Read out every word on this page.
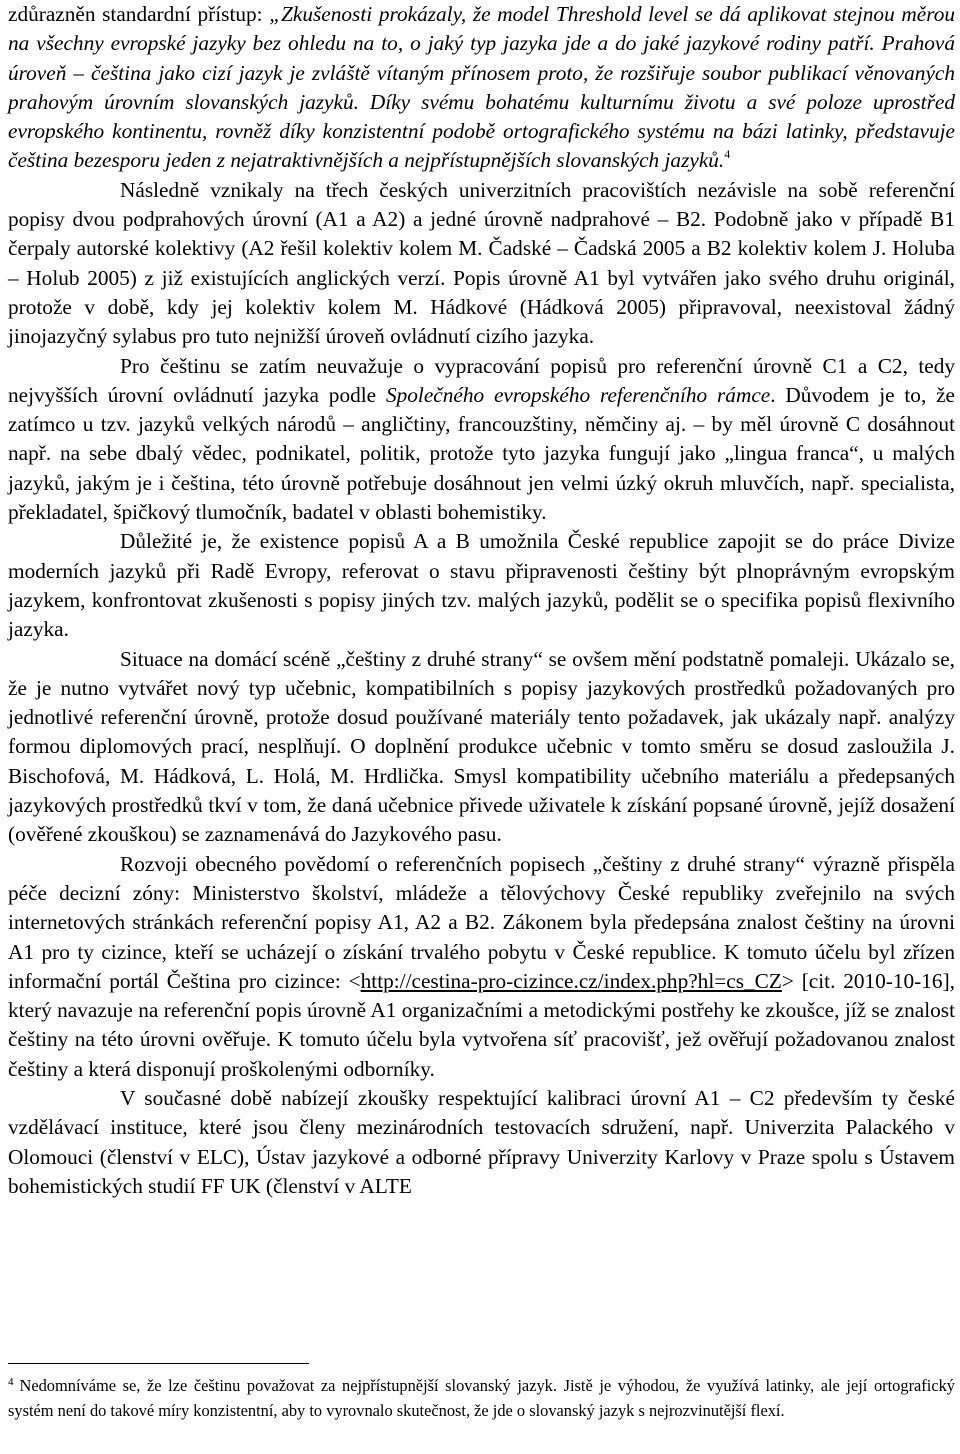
zdůrazněn standardní přístup: „Zkušenosti prokázaly, že model Threshold level se dá aplikovat stejnou měrou na všechny evropské jazyky bez ohledu na to, o jaký typ jazyka jde a do jaké jazykové rodiny patří. Prahová úroveň – čeština jako cizí jazyk je zvláště vítaným přínosem proto, že rozšiřuje soubor publikací věnovaných prahovým úrovním slovanských jazyků. Díky svému bohatému kulturnímu životu a své poloze uprostřed evropského kontinentu, rovněž díky konzistentní podobě ortografického systému na bázi latinky, představuje čeština bezesporu jeden z nejatraktivnějších a nejpřístupnějších slovanských jazyků.$^4$

Následně vznikaly na třech českých univerzitních pracovištích nezávisle na sobě referenční popisy dvou podprahových úrovní (A1 a A2) a jedné úrovně nadprahové – B2. Podobně jako v případě B1 čerpaly autorské kolektivy (A2 řešil kolektiv kolem M. Čadské – Čadská 2005 a B2 kolektiv kolem J. Holuba – Holub 2005) z již existujících anglických verzí. Popis úrovně A1 byl vytvářen jako svého druhu originál, protože v době, kdy jej kolektiv kolem M. Hádkové (Hádková 2005) připravoval, neexistoval žádný jinojazyčný sylabus pro tuto nejnižší úroveň ovládnutí cizího jazyka.

Pro češtinu se zatím neuvažuje o vypracování popisů pro referenční úrovně C1 a C2, tedy nejvyšších úrovní ovládnutí jazyka podle Společného evropského referenčního rámce. Důvodem je to, že zatímco u tzv. jazyků velkých národů – angličtiny, francouzštiny, němčiny aj. – by měl úrovně C dosáhnout např. na sebe dbalý vědec, podnikatel, politik, protože tyto jazyka fungují jako „lingua franca“, u malých jazyků, jakým je i čeština, této úrovně potřebuje dosáhnout jen velmi úzký okruh mluvčích, např. specialista, překladatel, špičkový tlumočník, badatel v oblasti bohemistiky.

Důležité je, že existence popisů A a B umožnila České republice zapojit se do práce Divize moderních jazyků při Radě Evropy, referovat o stavu připravenosti češtiny být plnoprávným evropským jazykem, konfrontovat zkušenosti s popisy jiných tzv. malých jazyků, podělit se o specifika popisů flexivního jazyka.

Situace na domácí scéně „češtiny z druhé strany“ se ovšem mění podstatně pomaleji. Ukázalo se, že je nutno vytvářet nový typ učebnic, kompatibilních s popisy jazykových prostředků požadovaných pro jednotlivé referenční úrovně, protože dosud používané materiály tento požadavek, jak ukázaly např. analýzy formou diplomových prací, nesplňují. O doplnění produkce učebnic v tomto směru se dosud zasloužila J. Bischofová, M. Hádková, L. Holá, M. Hrdlička. Smysl kompatibility učebního materiálu a předepsaných jazykových prostředků tkví v tom, že daná učebnice přivede uživatele k získání popsané úrovně, jejíž dosažení (ověřené zkouškou) se zaznamenává do Jazykového pasu.

Rozvoji obecného povědomí o referenčních popisech „češtiny z druhé strany“ výrazně přispěla péče decizní zóny: Ministerstvo školství, mládeže a tělovýchovy České republiky zveřejnilo na svých internetových stránkách referenční popisy A1, A2 a B2. Zákonem byla předepsána znalost češtiny na úrovni A1 pro ty cizince, kteří se ucházejí o získání trvalého pobytu v České republice. K tomuto účelu byl zřízen informační portál Čeština pro cizince: <http://cestina-pro-cizince.cz/index.php?hl=cs_CZ> [cit. 2010-10-16], který navazuje na referenční popis úrovně A1 organizačními a metodickými postřehy ke zkoušce, jíž se znalost češtiny na této úrovni ověřuje. K tomuto účelu byla vytvořena síť pracovišť, jež ověřují požadovanou znalost češtiny a která disponují proškolenými odborníky.

V současné době nabízejí zkoušky respektující kalibraci úrovní A1 – C2 především ty české vzdělávací instituce, které jsou členy mezinárodních testovacích sdružení, např. Univerzita Palackého v Olomouci (členství v ELC), Ústav jazykové a odborné přípravy Univerzity Karlovy v Praze spolu s Ústavem bohemistických studií FF UK (členství v ALTE

$^4$ Nedomníváme se, že lze češtinu považovat za nejpřístupnější slovanský jazyk. Jistě je výhodou, že využívá latinky, ale její ortografický systém není do takové míry konzistentní, aby to vyrovnalo skutečnost, že jde o slovanský jazyk s nejrozvinutější flexí.
